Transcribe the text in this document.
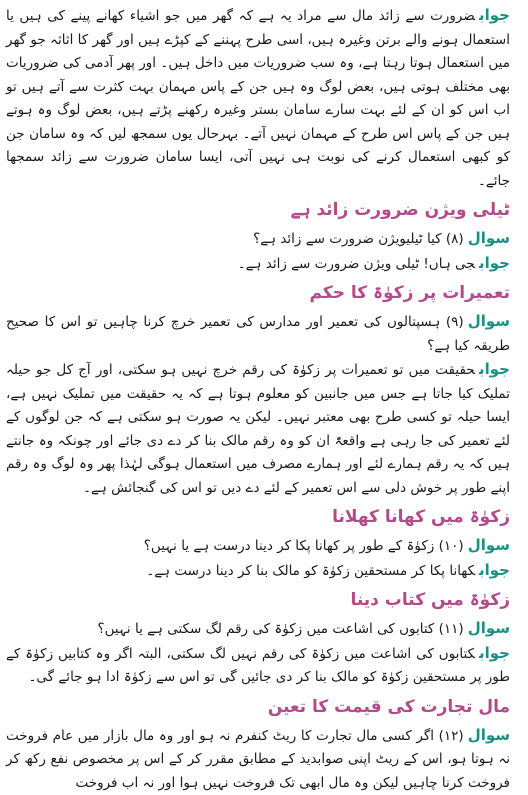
جوابضرورت سے زائد مال سے مراد یہ ہے کہ گھر میں جو اشیاء کھانے پینے کی ہیں یا استعمال ہونے والے برتن وغیرہ ہیں، اسی طرح پہننے کے کپڑے ہیں اور گھر کا اثاثہ جو گھر میں استعمال ہوتا رہتا ہے، وہ سب ضروریات میں داخل ہیں۔ اور پھر آدمی کی ضروریات بھی مختلف ہوتی ہیں، بعض لوگ وہ ہیں جن کے پاس مہمان بہت کثرت سے آتے ہیں تو اب اس کو ان کے لئے بہت سارے سامان بستر وغیرہ رکھنے پڑتے ہیں، بعض لوگ وہ ہوتے ہیں جن کے پاس اس طرح کے مہمان نہیں آتے۔ بہرحال یوں سمجھ لیں کہ وہ سامان جن کو کبھی استعمال کرنے کی نوبت ہی نہیں آتی، ایسا سامان ضرورت سے زائد سمجھا جائے۔

ٹیلی ویژن ضرورت زائد ہے

سوال(۸) کیا ٹیلیویژن ضرورت سے زائد ہے؟

جوابجی ہاں! ٹیلی ویژن ضرورت سے زائد ہے۔

تعمیرات پر زکوٰۃ کا حکم

سوال(۹) ہسپتالوں کی تعمیر اور مدارس کی تعمیر خرچ کرنا چاہیں تو اس کا صحیح طریقہ کیا ہے؟

جوابحقیقت میں تو تعمیرات پر زکوٰۃ کی رقم خرچ نہیں ہو سکتی، اور آج کل جو حیلہ تملیک کیا جاتا ہے جس میں جانبین کو معلوم ہوتا ہے کہ یہ حقیقت میں تملیک نہیں ہے، ایسا حیلہ تو کسی طرح بھی معتبر نہیں۔ لیکن یہ صورت ہو سکتی ہے کہ جن لوگوں کے لئے تعمیر کی جا رہی ہے واقعۃً ان کو وہ رقم مالک بنا کر دے دی جائے اور چونکہ وہ جانتے ہیں کہ یہ رقم ہمارے لئے اور ہمارے مصرف میں استعمال ہوگی لہٰذا پھر وہ لوگ وہ رقم اپنے طور پر خوش دلی سے اس تعمیر کے لئے دے دیں تو اس کی گنجائش ہے۔

زکوٰۃ میں کھانا کھلانا

سوال(۱۰) زکوٰۃ کے طور پر کھانا پکا کر دینا درست ہے یا نہیں؟

جوابکھانا پکا کر مستحقین زکوٰۃ کو مالک بنا کر دینا درست ہے۔

زکوٰۃ میں کتاب دینا

سوال(۱۱) کتابوں کی اشاعت میں زکوٰۃ کی رقم لگ سکتی ہے یا نہیں؟

جوابکتابوں کی اشاعت میں زکوٰۃ کی رقم نہیں لگ سکتی، البتہ اگر وہ کتابیں زکوٰۃ کے طور پر مستحقین زکوٰۃ کو مالک بنا کر دی جائیں گی تو اس سے زکوٰۃ ادا ہو جائے گی۔

مال تجارت کی قیمت کا تعین

سوال(۱۲) اگر کسی مال تجارت کا ریٹ کنفرم نہ ہو اور وہ مال بازار میں عام فروخت نہ ہوتا ہو، اس کے ریٹ اپنی صوابدید کے مطابق مقرر کر کے اس پر مخصوص نفع رکھ کر فروخت کرنا چاہیں لیکن وہ مال ابھی تک فروخت نہیں ہوا اور نہ اب فروخت
